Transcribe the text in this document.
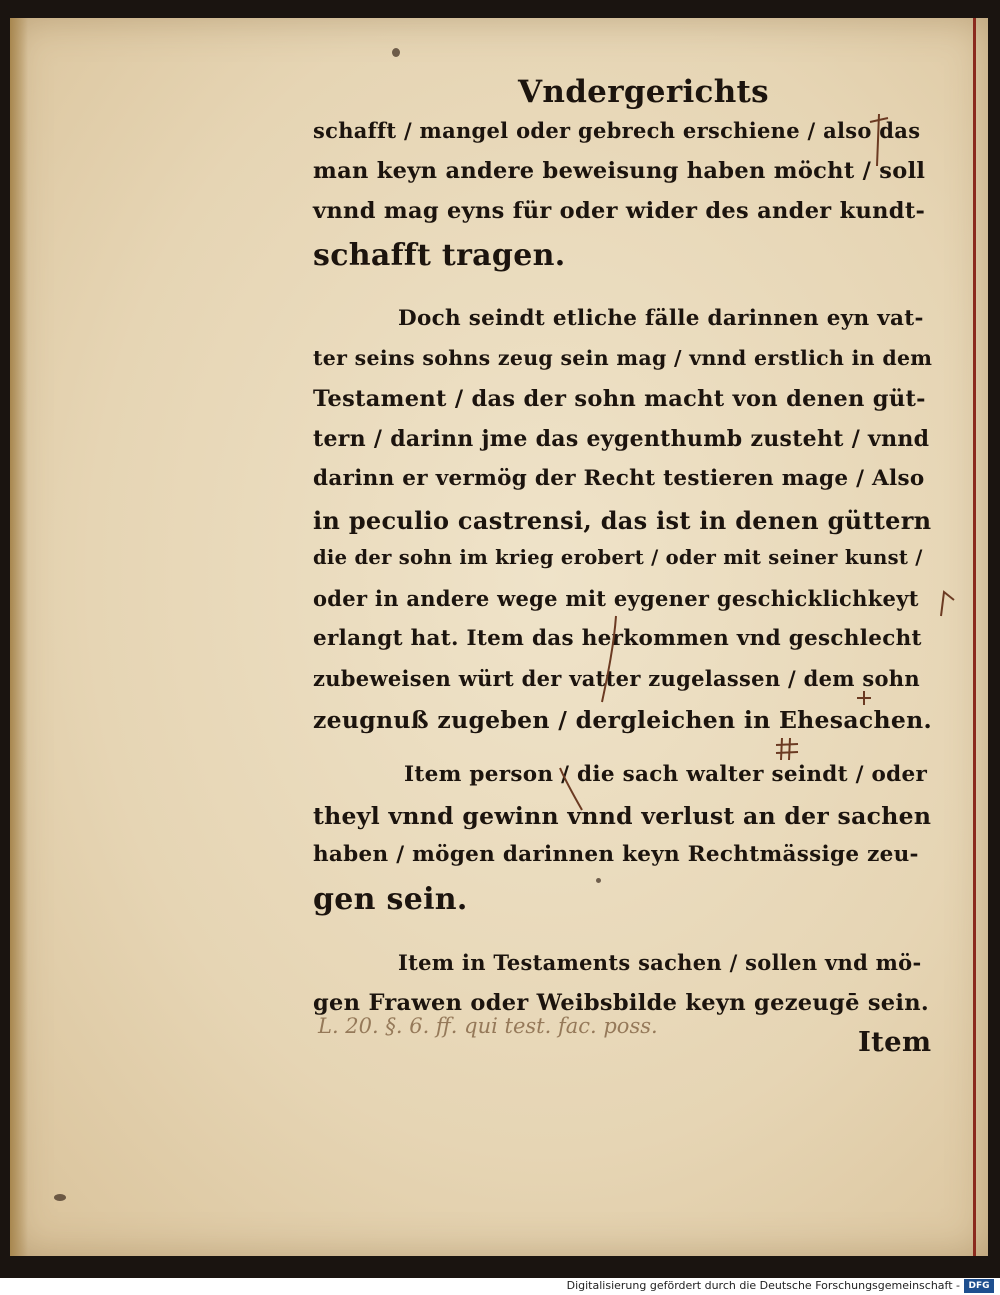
Vndergerichts
schafft / mangel oder gebrech erschiene / also das
man keyn andere beweisung haben möcht / soll
vnnd mag eyns für oder wider des ander kundt-
schafft tragen.
Doch seindt etliche fälle darinnen eyn vat-
ter seins sohns zeug sein mag / vnnd erstlich in dem
Testament / das der sohn macht von denen güt-
tern / darinn jme das eygenthumb zusteht / vnnd
darinn er vermög der Recht testieren mage / Also
in peculio castrensi, das ist in denen güttern
die der sohn im krieg erobert / oder mit seiner kunst /
oder in andere wege mit eygener geschicklichkeyt
erlangt hat. Item das herkommen vnd geschlecht
zubeweisen würt der vatter zugelassen / dem sohn
zeugnuß zugeben / dergleichen in Ehesachen.
Item person / die sach walter seindt / oder
theyl vnnd gewinn vnnd verlust an der sachen
haben / mögen darinnen keyn Rechtmässige zeu-
gen sein.
Item in Testaments sachen / sollen vnd mö-
gen Frawen oder Weibsbilde keyn gezeugē sein.
L. 20. §. 6. ff. qui test. fac. poss.	Item
Digitalisierung gefördert durch die Deutsche Forschungsgemeinschaft - DFG
